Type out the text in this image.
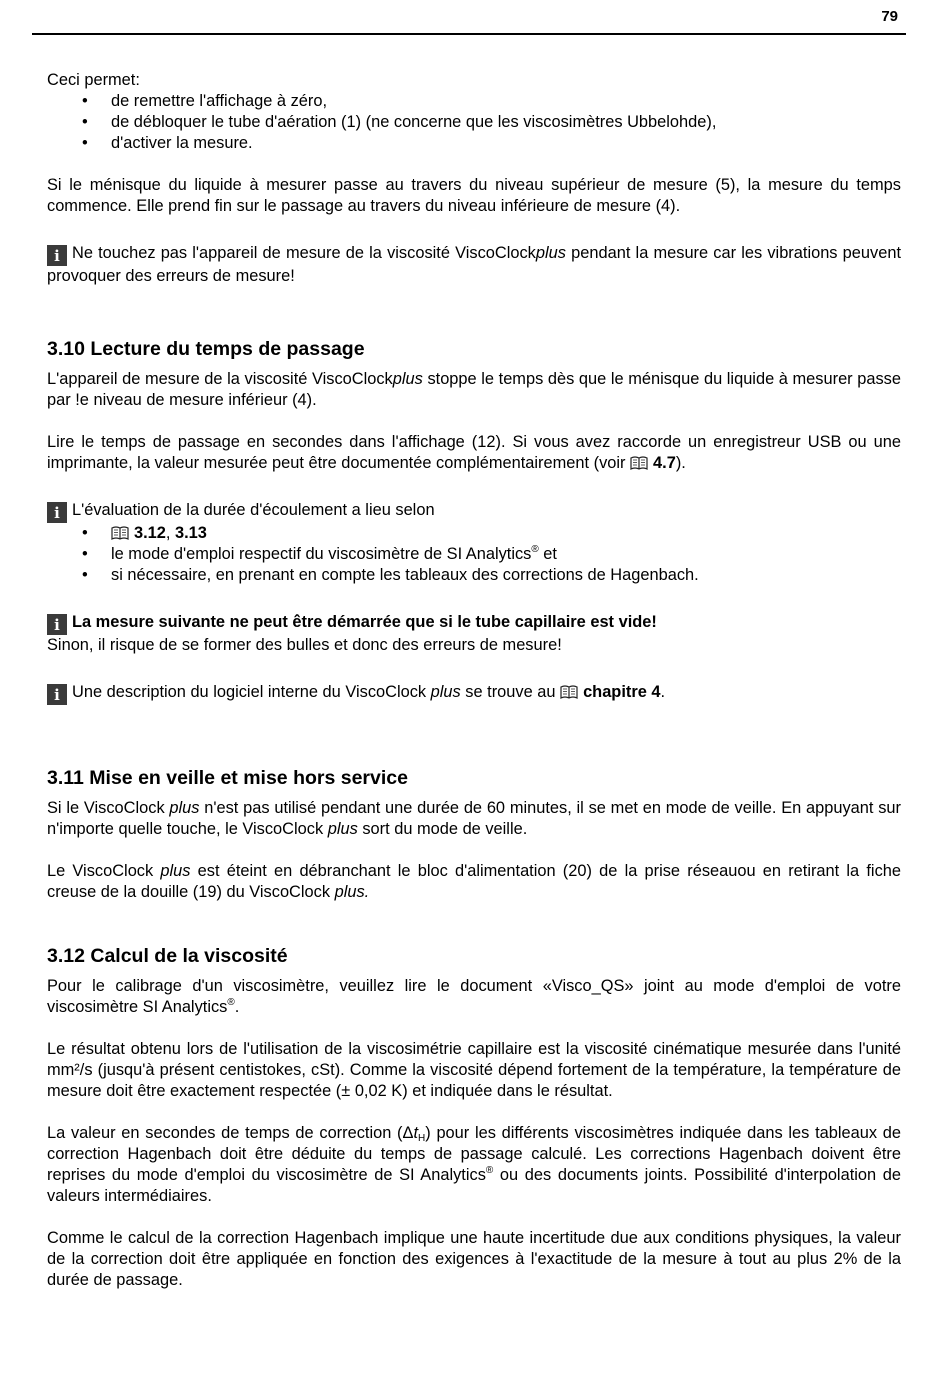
79

Ceci permet:

• de remettre l'affichage à zéro,
• de débloquer le tube d'aération (1) (ne concerne que les viscosimètres Ubbelohde),
• d'activer la mesure.

Si le ménisque du liquide à mesurer passe au travers du niveau supérieur de mesure (5), la mesure du temps commence. Elle prend fin sur le passage au travers du niveau inférieure de mesure (4).

i Ne touchez pas l'appareil de mesure de la viscosité ViscoClockplus pendant la mesure car les vibrations peuvent provoquer des erreurs de mesure!

3.10 Lecture du temps de passage

L'appareil de mesure de la viscosité ViscoClockplus stoppe le temps dès que le ménisque du liquide à mesurer passe par !e niveau de mesure inférieur (4).

Lire le temps de passage en secondes dans l'affichage (12). Si vous avez raccorde un enregistreur USB ou une imprimante, la valeur mesurée peut être documentée complémentairement (voir
4.7).

i L'évaluation de la durée d'écoulement a lieu selon

• 3.12, 3.13
• le mode d'emploi respectif du viscosimètre de SI Analytics® et
• si nécessaire, en prenant en compte les tableaux des corrections de Hagenbach.

i La mesure suivante ne peut être démarrée que si le tube capillaire est vide!

Sinon, il risque de se former des bulles et donc des erreurs de mesure!

i Une description du logiciel interne du ViscoClock plus se trouve au
chapitre 4.

3.11 Mise en veille et mise hors service

Si le ViscoClock plus n'est pas utilisé pendant une durée de 60 minutes, il se met en mode de veille. En appuyant sur n'importe quelle touche, le ViscoClock plus sort du mode de veille.

Le ViscoClock plus est éteint en débranchant le bloc d'alimentation (20) de la prise réseauou en retirant la fiche creuse de la douille (19) du ViscoClock plus.

3.12 Calcul de la viscosité

Pour le calibrage d'un viscosimètre, veuillez lire le document «Visco_QS» joint au mode d'emploi de votre viscosimètre SI Analytics®.

Le résultat obtenu lors de l'utilisation de la viscosimétrie capillaire est la viscosité cinématique mesurée dans l'unité mm²/s (jusqu'à présent centistokes, cSt). Comme la viscosité dépend fortement de la température, la température de mesure doit être exactement respectée (± 0,02 K) et indiquée dans le résultat.

La valeur en secondes de temps de correction $(\Delta t_H)$ pour les différents viscosimètres indiquée dans les tableaux de correction Hagenbach doit être déduite du temps de passage calculé. Les corrections Hagenbach doivent être reprises du mode d'emploi du viscosimètre de SI Analytics® ou des documents joints. Possibilité d'interpolation de valeurs intermédiaires.

Comme le calcul de la correction Hagenbach implique une haute incertitude due aux conditions physiques, la valeur de la correction doit être appliquée en fonction des exigences à l'exactitude de la mesure à tout au plus 2% de la durée de passage.
